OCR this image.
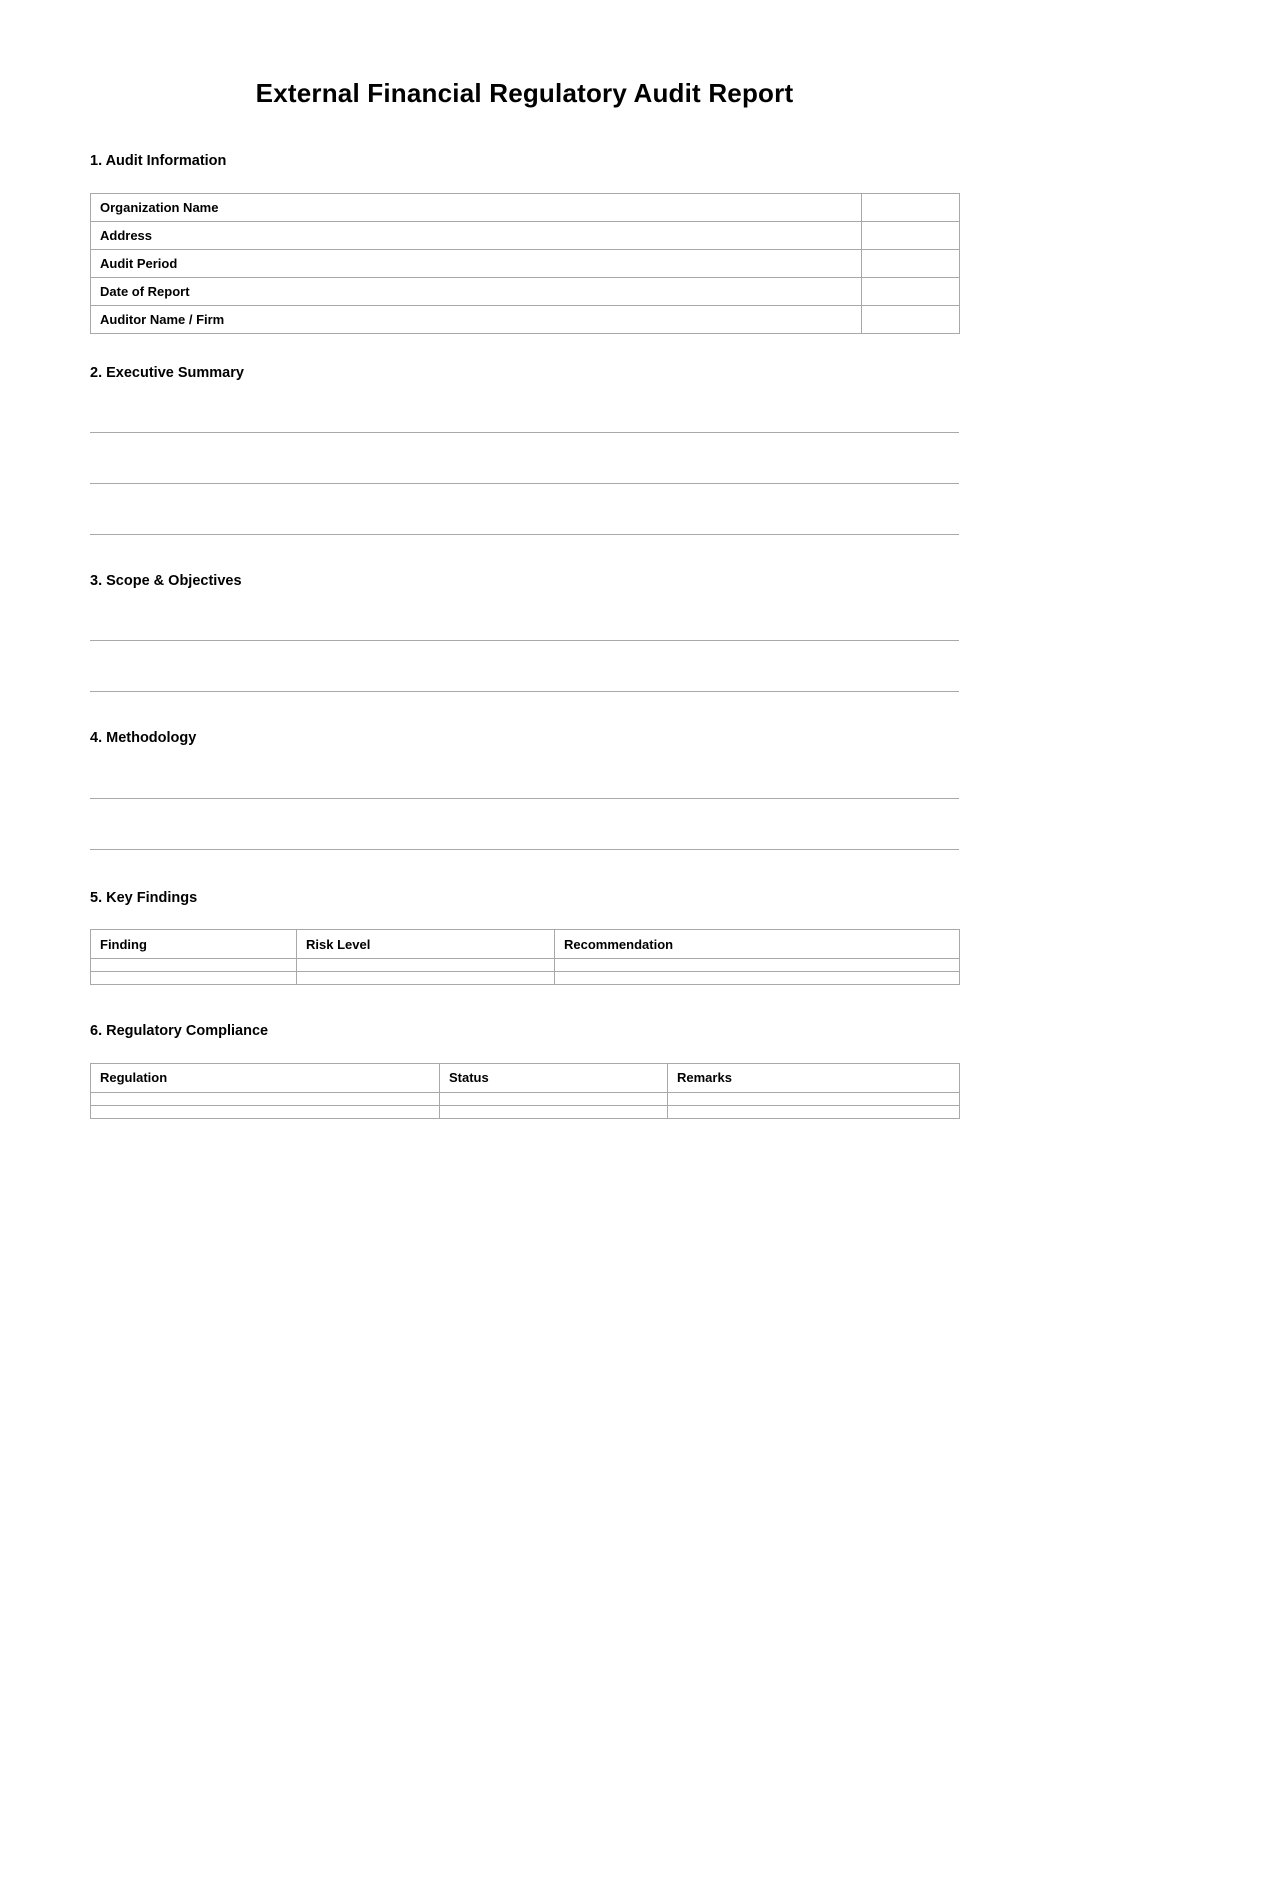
External Financial Regulatory Audit Report
1. Audit Information
Organization Name	
Address	
Audit Period	
Date of Report	
Auditor Name / Firm	
2. Executive Summary
3. Scope & Objectives
4. Methodology
5. Key Findings
Finding	Risk Level	Recommendation

6. Regulatory Compliance
Regulation	Status	Remarks
